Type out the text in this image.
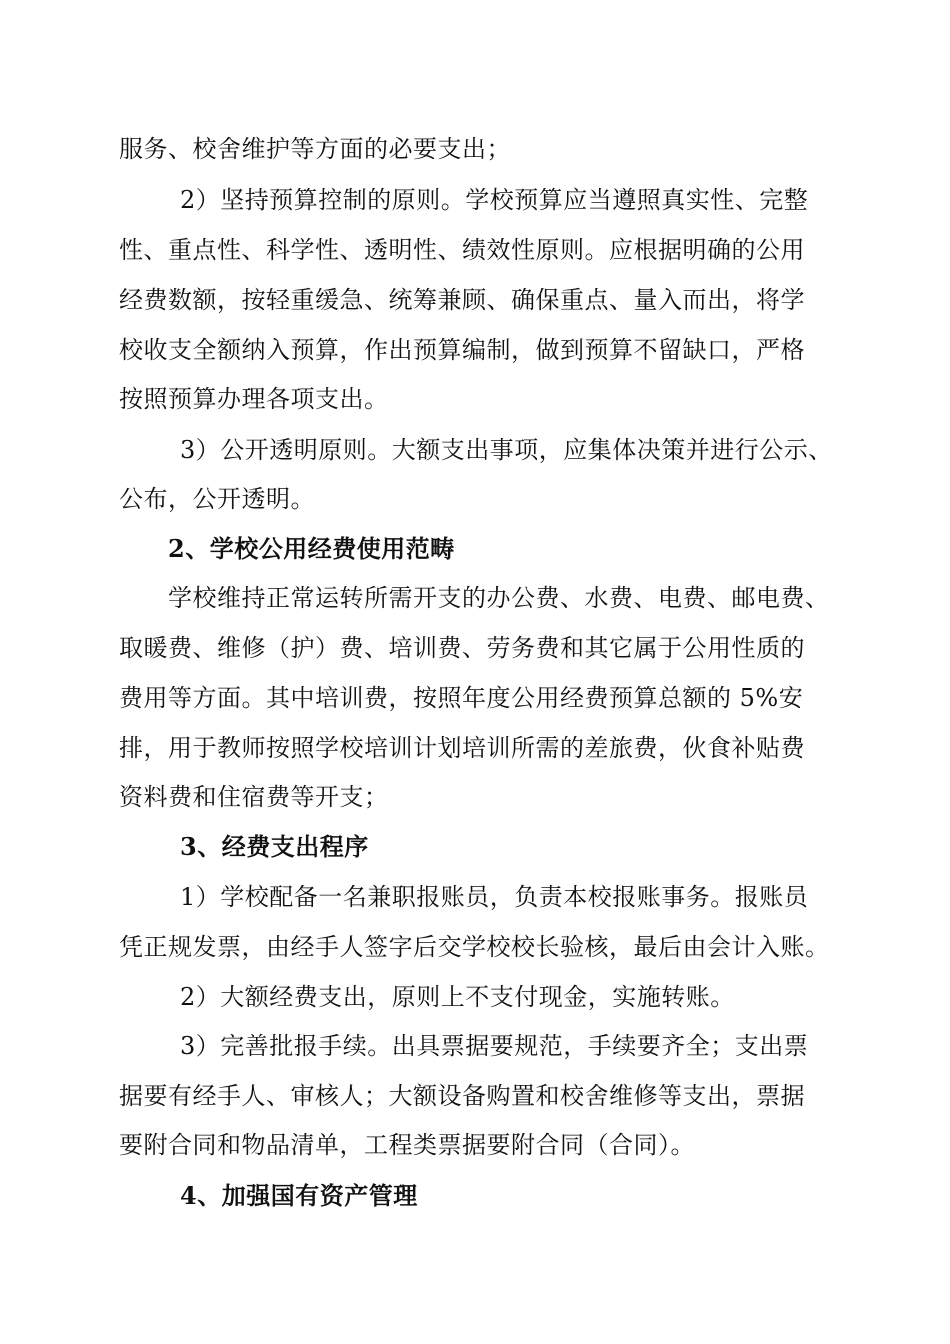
服务、校舍维护等方面的必要支出；
2）坚持预算控制的原则。学校预算应当遵照真实性、完整
性、重点性、科学性、透明性、绩效性原则。应根据明确的公用
经费数额，按轻重缓急、统筹兼顾、确保重点、量入而出，将学
校收支全额纳入预算，作出预算编制，做到预算不留缺口，严格
按照预算办理各项支出。
3）公开透明原则。大额支出事项，应集体决策并进行公示、
公布，公开透明。
2、学校公用经费使用范畴
学校维持正常运转所需开支的办公费、水费、电费、邮电费、
取暖费、维修（护）费、培训费、劳务费和其它属于公用性质的
费用等方面。其中培训费，按照年度公用经费预算总额的 5%安
排，用于教师按照学校培训计划培训所需的差旅费，伙食补贴费
资料费和住宿费等开支；
3、经费支出程序
1）学校配备一名兼职报账员，负责本校报账事务。报账员
凭正规发票，由经手人签字后交学校校长验核，最后由会计入账。
2）大额经费支出，原则上不支付现金，实施转账。
3）完善批报手续。出具票据要规范，手续要齐全；支出票
据要有经手人、审核人；大额设备购置和校舍维修等支出，票据
要附合同和物品清单，工程类票据要附合同（合同）。
4、加强国有资产管理
